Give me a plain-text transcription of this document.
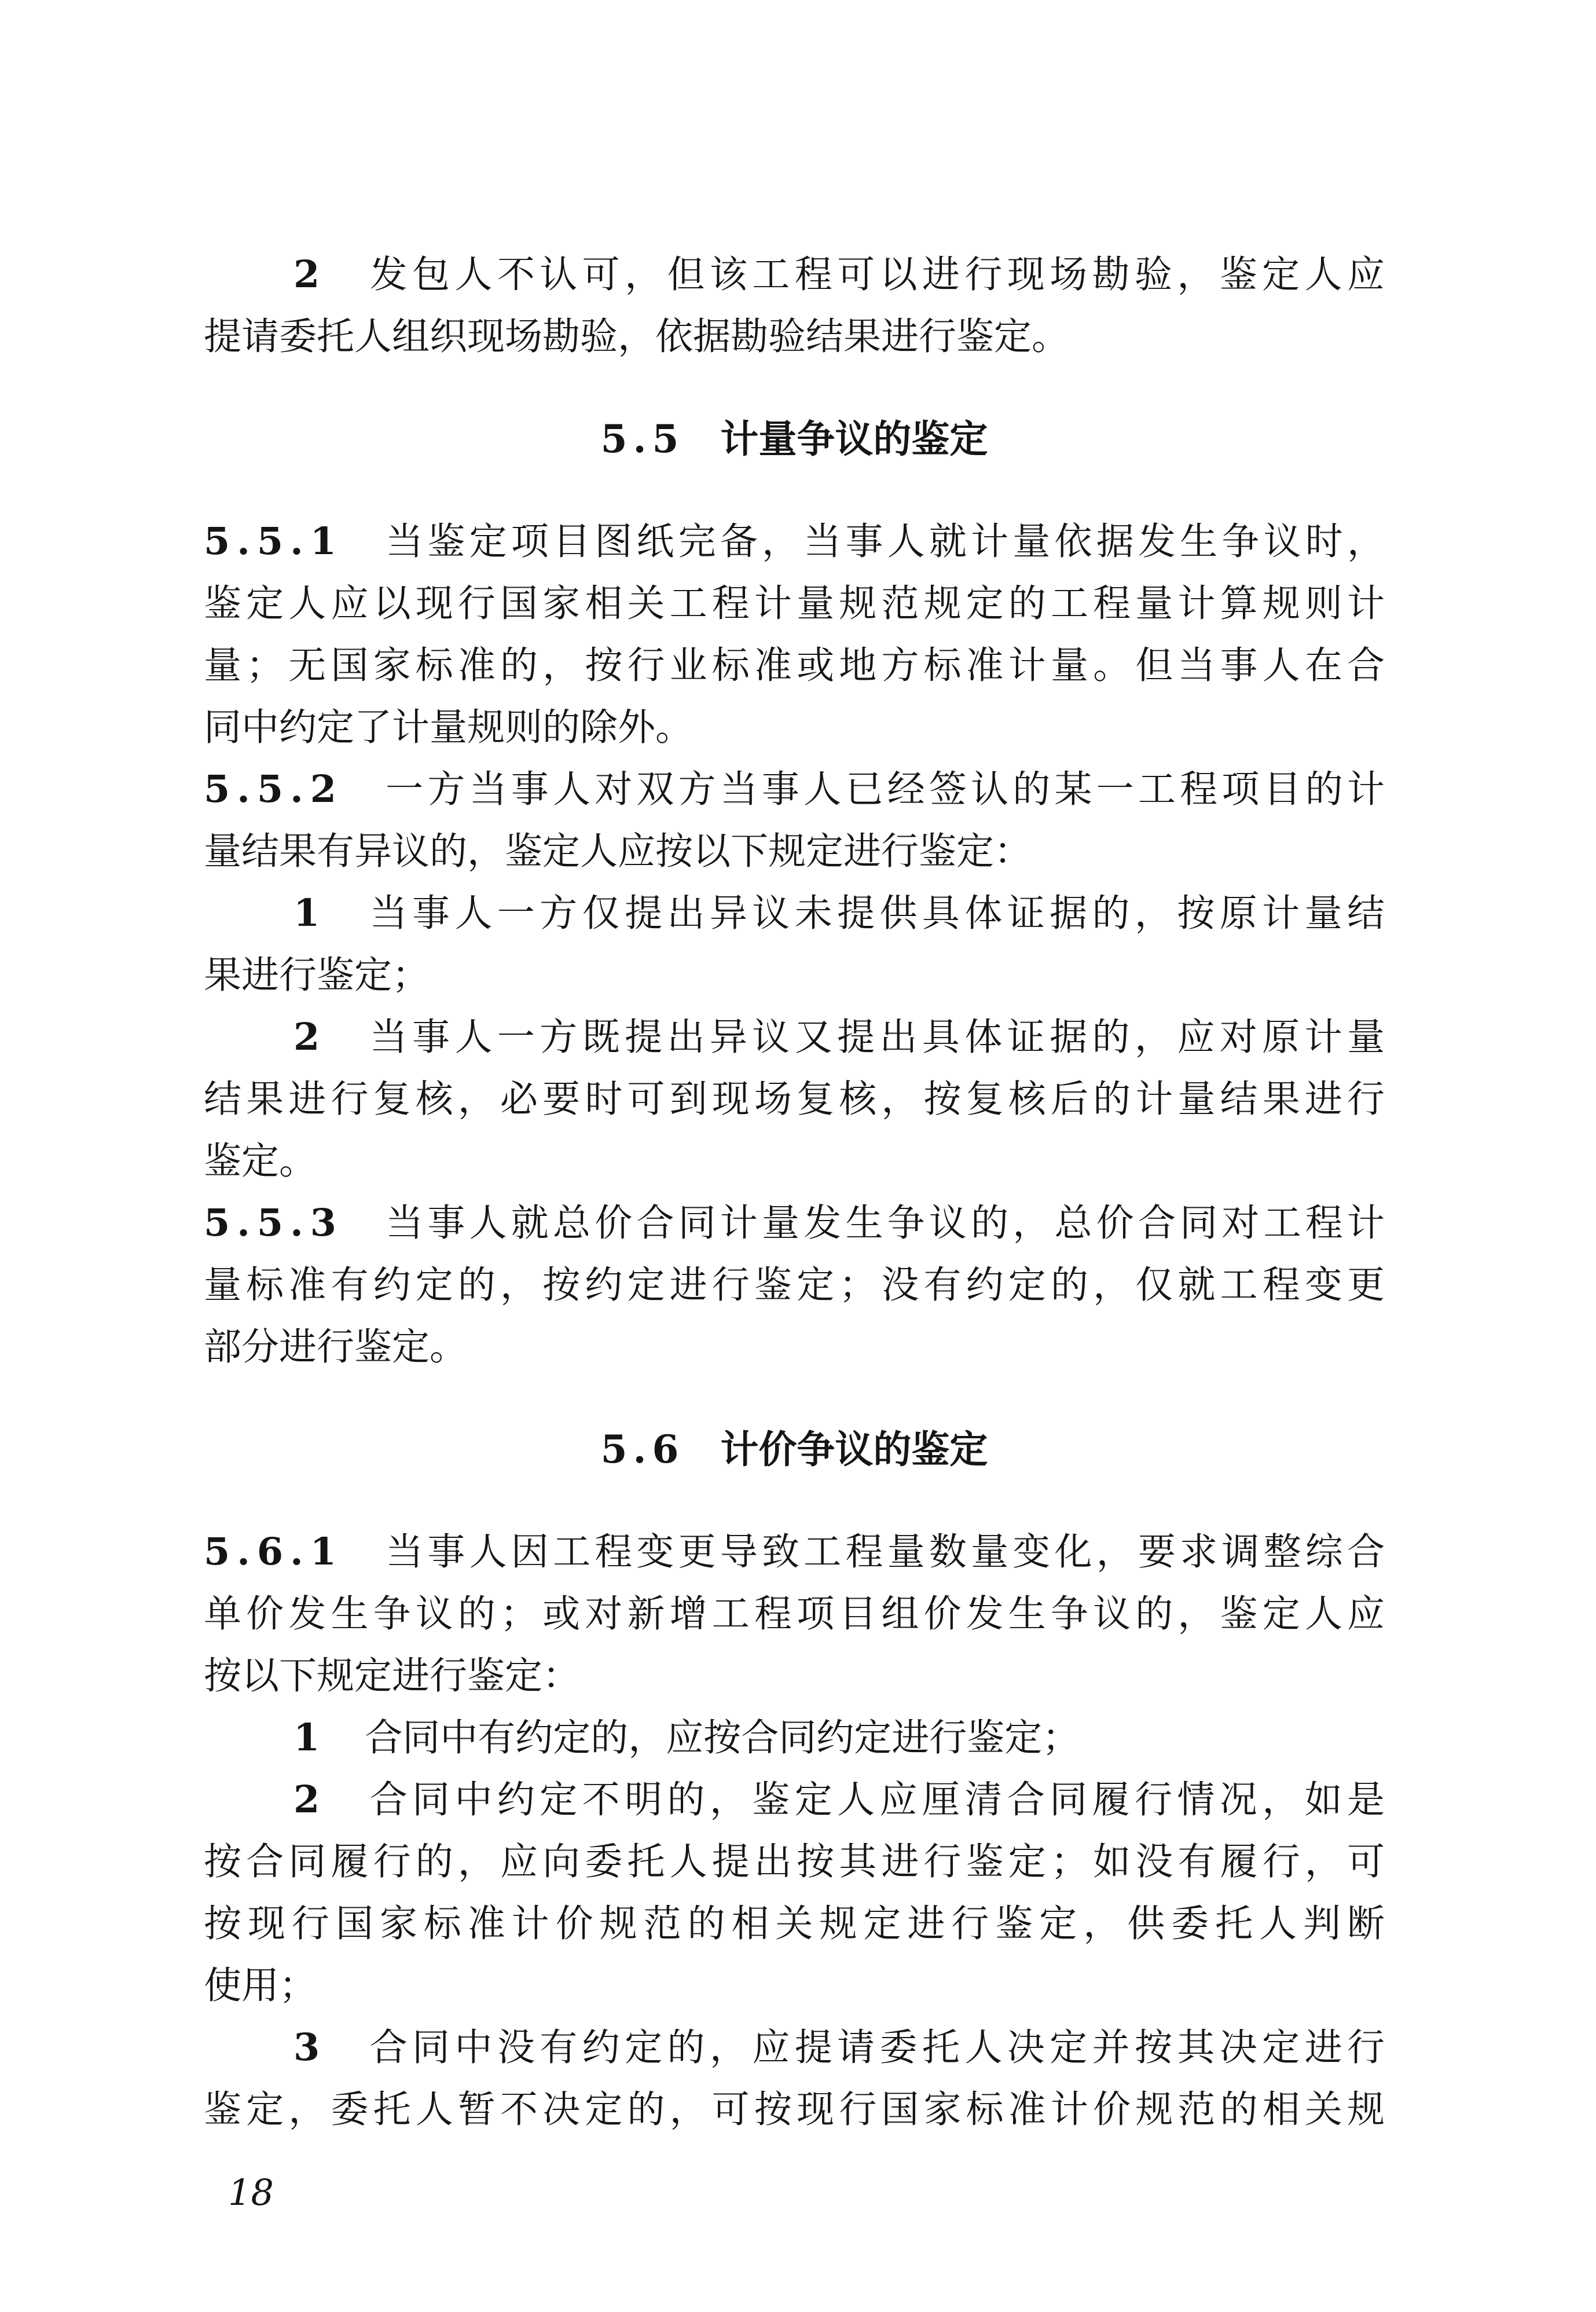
2 发包人不认可，但该工程可以进行现场勘验，鉴定人应
提请委托人组织现场勘验，依据勘验结果进行鉴定。
5.5 计量争议的鉴定
5.5.1 当鉴定项目图纸完备，当事人就计量依据发生争议时，
鉴定人应以现行国家相关工程计量规范规定的工程量计算规则计
量；无国家标准的，按行业标准或地方标准计量。但当事人在合
同中约定了计量规则的除外。
5.5.2 一方当事人对双方当事人已经签认的某一工程项目的计
量结果有异议的，鉴定人应按以下规定进行鉴定：
1 当事人一方仅提出异议未提供具体证据的，按原计量结
果进行鉴定；
2 当事人一方既提出异议又提出具体证据的，应对原计量
结果进行复核，必要时可到现场复核，按复核后的计量结果进行
鉴定。
5.5.3 当事人就总价合同计量发生争议的，总价合同对工程计
量标准有约定的，按约定进行鉴定；没有约定的，仅就工程变更
部分进行鉴定。
5.6 计价争议的鉴定
5.6.1 当事人因工程变更导致工程量数量变化，要求调整综合
单价发生争议的；或对新增工程项目组价发生争议的，鉴定人应
按以下规定进行鉴定：
1 合同中有约定的，应按合同约定进行鉴定；
2 合同中约定不明的，鉴定人应厘清合同履行情况，如是
按合同履行的，应向委托人提出按其进行鉴定；如没有履行，可
按现行国家标准计价规范的相关规定进行鉴定，供委托人判断
使用；
3 合同中没有约定的，应提请委托人决定并按其决定进行
鉴定，委托人暂不决定的，可按现行国家标准计价规范的相关规
18
